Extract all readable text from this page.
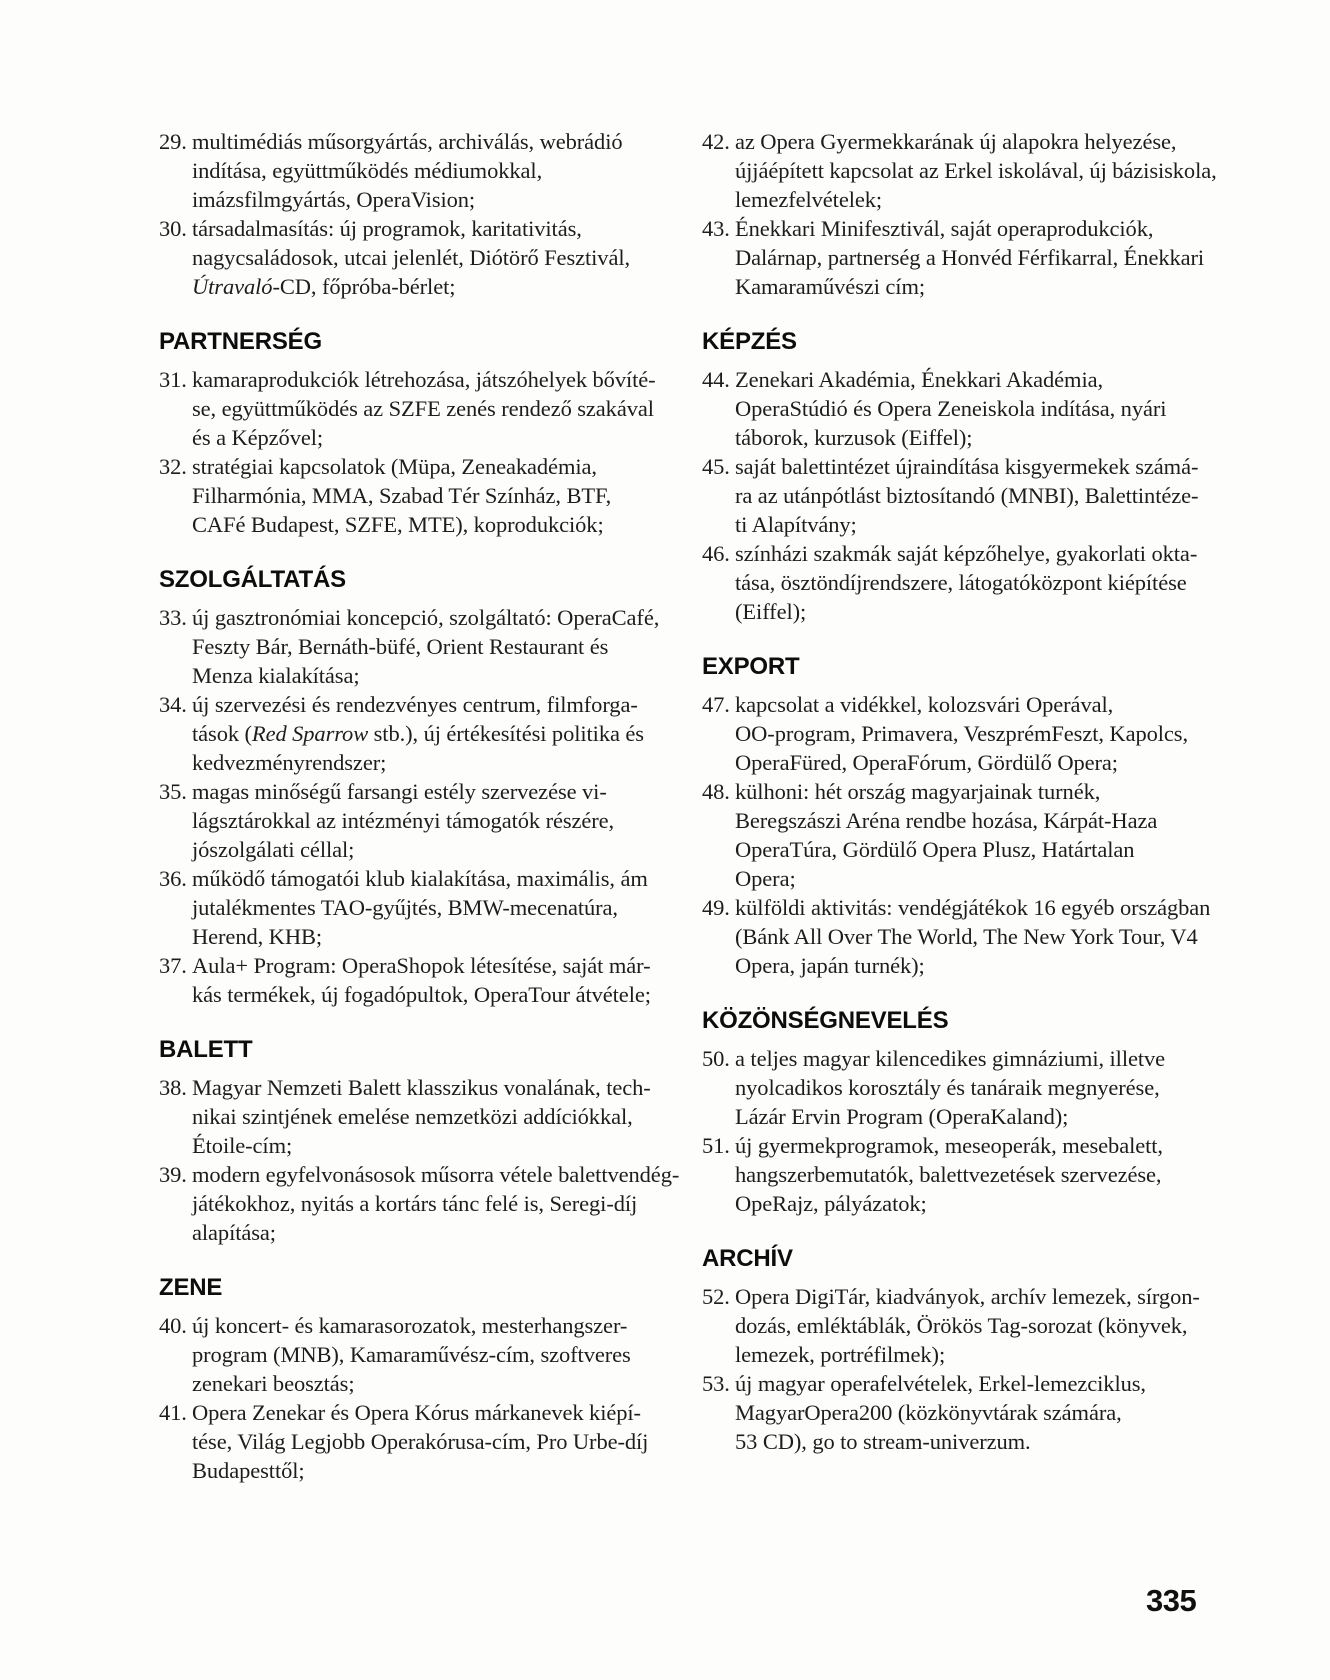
29. multimédiás műsorgyártás, archiválás, webrádió
indítása, együttműködés médiumokkal,
imázsfilmgyártás, OperaVision;
30. társadalmasítás: új programok, karitativitás,
nagycsaládosok, utcai jelenlét, Diótörő Fesztivál,
Útravaló-CD, főpróba-bérlet;
PARTNERSÉG
31. kamaraprodukciók létrehozása, játszóhelyek bővíté-
se, együttműködés az SZFE zenés rendező szakával
és a Képzővel;
32. stratégiai kapcsolatok (Müpa, Zeneakadémia,
Filharmónia, MMA, Szabad Tér Színház, BTF,
CAFé Budapest, SZFE, MTE), koprodukciók;
SZOLGÁLTATÁS
33. új gasztronómiai koncepció, szolgáltató: OperaCafé,
Feszty Bár, Bernáth-büfé, Orient Restaurant és
Menza kialakítása;
34. új szervezési és rendezvényes centrum, filmforga-
tások (Red Sparrow stb.), új értékesítési politika és
kedvezményrendszer;
35. magas minőségű farsangi estély szervezése vi-
lágsztárokkal az intézményi támogatók részére,
jószolgálati céllal;
36. működő támogatói klub kialakítása, maximális, ám
jutalékmentes TAO-gyűjtés, BMW-mecenatúra,
Herend, KHB;
37. Aula+ Program: OperaShopok létesítése, saját már-
kás termékek, új fogadópultok, OperaTour átvétele;
BALETT
38. Magyar Nemzeti Balett klasszikus vonalának, tech-
nikai szintjének emelése nemzetközi addíciókkal,
Étoile-cím;
39. modern egyfelvonásosok műsorra vétele balettvendég-
játékokhoz, nyitás a kortárs tánc felé is, Seregi-díj
alapítása;
ZENE
40. új koncert- és kamarasorozatok, mesterhangszer-
program (MNB), Kamaraművész-cím, szoftveres
zenekari beosztás;
41. Opera Zenekar és Opera Kórus márkanevek kiépí-
tése, Világ Legjobb Operakórusa-cím, Pro Urbe-díj
Budapesttől;
42. az Opera Gyermekkarának új alapokra helyezése,
újjáépített kapcsolat az Erkel iskolával, új bázisiskola,
lemezfelvételek;
43. Énekkari Minifesztivál, saját operaprodukciók,
Dalárnap, partnerség a Honvéd Férfikarral, Énekkari
Kamaraművészi cím;
KÉPZÉS
44. Zenekari Akadémia, Énekkari Akadémia,
OperaStúdió és Opera Zeneiskola indítása, nyári
táborok, kurzusok (Eiffel);
45. saját balettintézet újraindítása kisgyermekek számá-
ra az utánpótlást biztosítandó (MNBI), Balettintéze-
ti Alapítvány;
46. színházi szakmák saját képzőhelye, gyakorlati okta-
tása, ösztöndíjrendszere, látogatóközpont kiépítése
(Eiffel);
EXPORT
47. kapcsolat a vidékkel, kolozsvári Operával,
OO-program, Primavera, VeszprémFeszt, Kapolcs,
OperaFüred, OperaFórum, Gördülő Opera;
48. külhoni: hét ország magyarjainak turnék,
Beregszászi Aréna rendbe hozása, Kárpát-Haza
OperaTúra, Gördülő Opera Plusz, Határtalan
Opera;
49. külföldi aktivitás: vendégjátékok 16 egyéb országban
(Bánk All Over The World, The New York Tour, V4
Opera, japán turnék);
KÖZÖNSÉGNEVELÉS
50. a teljes magyar kilencedikes gimnáziumi, illetve
nyolcadikos korosztály és tanáraik megnyerése,
Lázár Ervin Program (OperaKaland);
51. új gyermekprogramok, meseoperák, mesebalett,
hangszerbemutatók, balettvezetések szervezése,
OpeRajz, pályázatok;
ARCHÍV
52. Opera DigiTár, kiadványok, archív lemezek, sírgon-
dozás, emléktáblák, Örökös Tag-sorozat (könyvek,
lemezek, portréfilmek);
53. új magyar operafelvételek, Erkel-lemezciklus,
MagyarOpera200 (közkönyvtárak számára,
53 CD), go to stream-univerzum.
335
